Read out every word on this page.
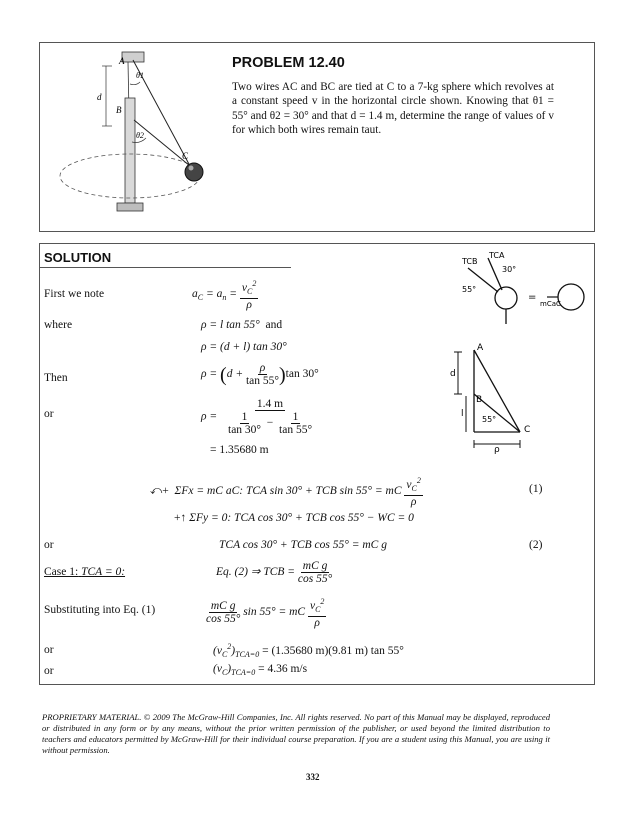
A
B
d
θ1
θ2
C
PROBLEM 12.40
Two wires AC and BC are tied at C to a 7-kg sphere which revolves at a constant speed v in the horizontal circle shown. Knowing that θ1 = 55° and θ2 = 30° and that d = 1.4 m, determine the range of values of v for which both wires remain taut.
SOLUTION
First we note
where
Then
or
or
Case 1: TCA = 0:
Substituting into Eq. (1)
or
or
$a_C = a_n = \frac{v_C^2}{\rho}$
ρ = l tan 55° and
ρ = (d + l) tan 30°
$\rho = (d + \frac{\rho}{\tan 55^\circ} )\tan$ 30°
$\rho = \frac{1.4 m}{\frac{1}{\tan 30^\circ} - \frac{1}{\tan 55^\circ}}$
= 1.35680 m
⤺+ ΣFx = mC aC: TCA sin 30° + TCB sin 55° = mC $\frac{v_C^2}{\rho}$	(1)
+↑ ΣFy = 0: TCA cos 30° + TCB cos 55° − WC = 0
TCA cos 30° + TCB cos 55° = mC g	(2)
Eq. (2) ⇒ TCB = $\frac{\text{mC g}}{\cos 55^\circ}$
$\frac{\text{mC g}}{\cos 55^\circ}$ sin 55° = mC $\frac{v_C^2}{\rho}$
$(v_C^2)_{TCA=0} = (1.35680$ m)(9.81 m) tan 55°
$(v_C)_{TCA=0} = 4.36$ m/s
TCB
TCA
55°
30°
=
mCaC
A
B
C
d
l
55°
ρ
PROPRIETARY MATERIAL. © 2009 The McGraw-Hill Companies, Inc. All rights reserved. No part of this Manual may be displayed, reproduced or distributed in any form or by any means, without the prior written permission of the publisher, or used beyond the limited distribution to teachers and educators permitted by McGraw-Hill for their individual course preparation. If you are a student using this Manual, you are using it without permission.
332
